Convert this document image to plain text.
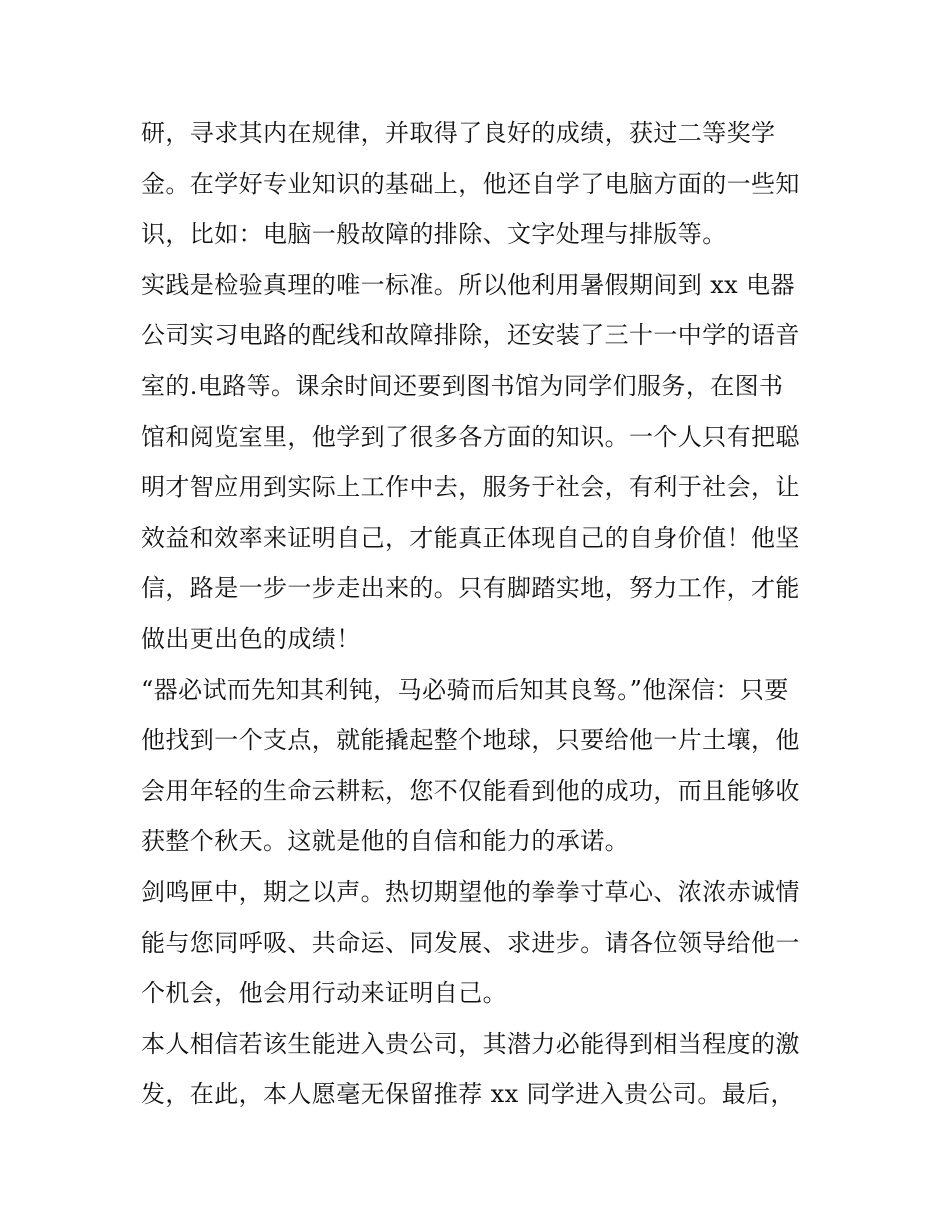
研，寻求其内在规律，并取得了良好的成绩，获过二等奖学
金。在学好专业知识的基础上，他还自学了电脑方面的一些知
识，比如：电脑一般故障的排除、文字处理与排版等。
实践是检验真理的唯一标准。所以他利用暑假期间到 xx 电器
公司实习电路的配线和故障排除，还安装了三十一中学的语音
室的.电路等。课余时间还要到图书馆为同学们服务，在图书
馆和阅览室里，他学到了很多各方面的知识。一个人只有把聪
明才智应用到实际上工作中去，服务于社会，有利于社会，让
效益和效率来证明自己，才能真正体现自己的自身价值！他坚
信，路是一步一步走出来的。只有脚踏实地，努力工作，才能
做出更出色的成绩！
“器必试而先知其利钝，马必骑而后知其良驽。”他深信：只要
他找到一个支点，就能撬起整个地球，只要给他一片土壤，他
会用年轻的生命云耕耘，您不仅能看到他的成功，而且能够收
获整个秋天。这就是他的自信和能力的承诺。
剑鸣匣中，期之以声。热切期望他的拳拳寸草心、浓浓赤诚情
能与您同呼吸、共命运、同发展、求进步。请各位领导给他一
个机会，他会用行动来证明自己。
本人相信若该生能进入贵公司，其潜力必能得到相当程度的激
发，在此，本人愿毫无保留推荐 xx 同学进入贵公司。最后，
